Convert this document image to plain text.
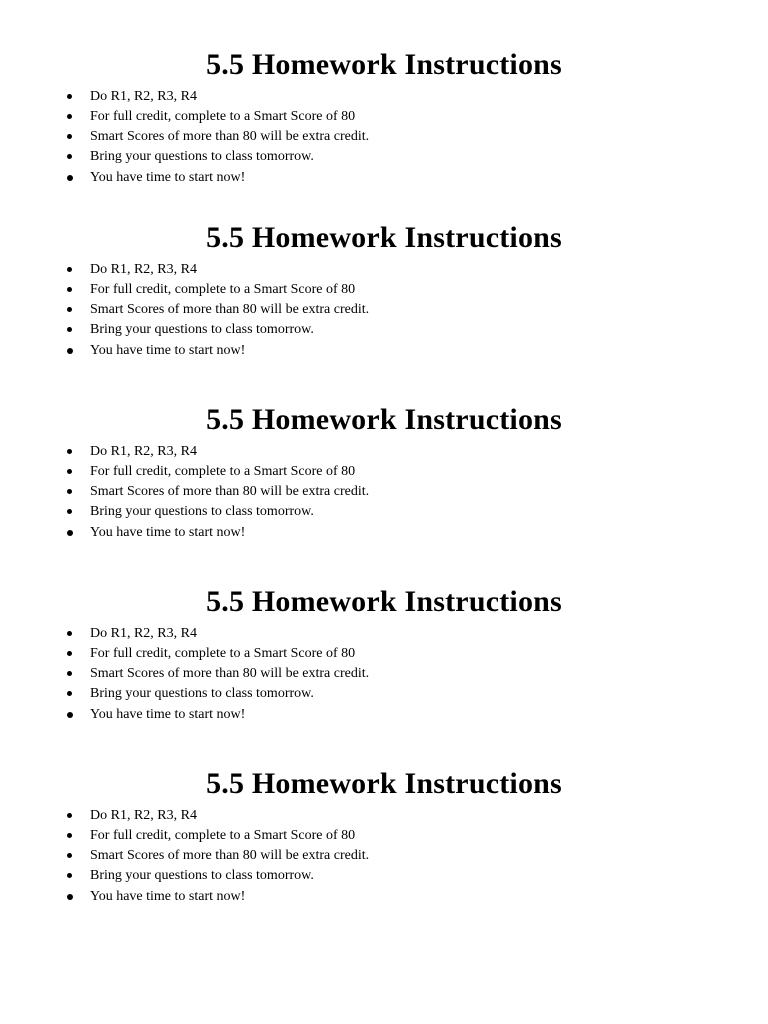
5.5 Homework Instructions
Do R1, R2, R3, R4
For full credit, complete to a Smart Score of 80
Smart Scores of more than 80 will be extra credit.
Bring your questions to class tomorrow.
You have time to start now!
5.5 Homework Instructions
Do R1, R2, R3, R4
For full credit, complete to a Smart Score of 80
Smart Scores of more than 80 will be extra credit.
Bring your questions to class tomorrow.
You have time to start now!
5.5 Homework Instructions
Do R1, R2, R3, R4
For full credit, complete to a Smart Score of 80
Smart Scores of more than 80 will be extra credit.
Bring your questions to class tomorrow.
You have time to start now!
5.5 Homework Instructions
Do R1, R2, R3, R4
For full credit, complete to a Smart Score of 80
Smart Scores of more than 80 will be extra credit.
Bring your questions to class tomorrow.
You have time to start now!
5.5 Homework Instructions
Do R1, R2, R3, R4
For full credit, complete to a Smart Score of 80
Smart Scores of more than 80 will be extra credit.
Bring your questions to class tomorrow.
You have time to start now!
